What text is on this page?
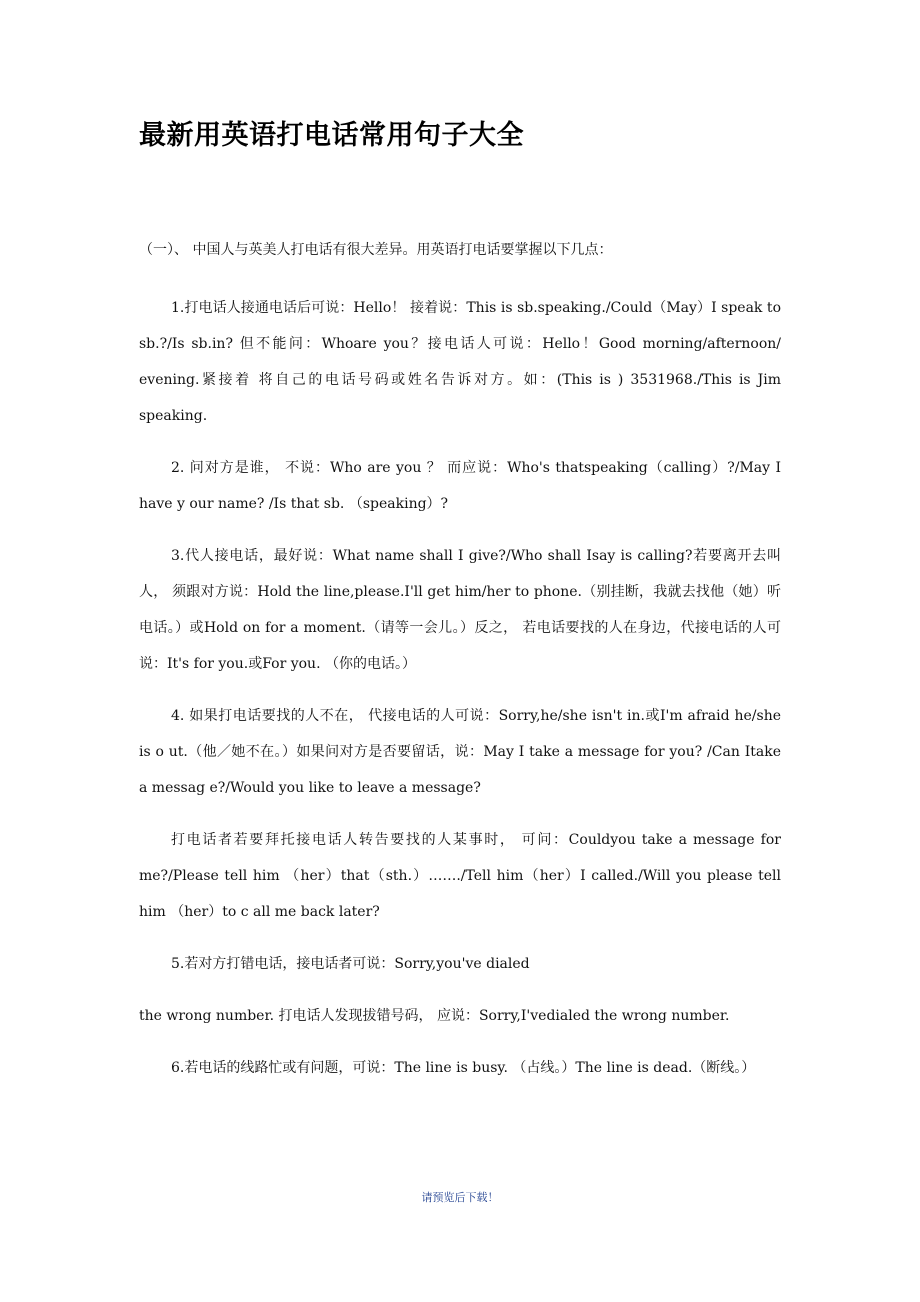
最新用英语打电话常用句子大全

（一）、 中国人与英美人打电话有很大差异。用英语打电话要掌握以下几点：

1.打电话人接通电话后可说：Hello！ 接着说：This is sb.speaking./Could（May）I speak to sb.?/Is sb.in? 但不能问：Whoare you？接电话人可说：Hello！Good morning/afternoon/ evening.紧接着 将自己的电话号码或姓名告诉对方。如：(This is ) 3531968./This is Jim speaking.

2. 问对方是谁， 不说：Who are you ？ 而应说：Who's thatspeaking（calling）?/May I have y our name? /Is that sb. （speaking）?

3.代人接电话，最好说：What name shall I give?/Who shall Isay is calling?若要离开去叫人， 须跟对方说：Hold the line,please.I'll get him/her to phone.（别挂断，我就去找他（她）听电话。）或Hold on for a moment.（请等一会儿。）反之， 若电话要找的人在身边，代接电话的人可说：It's for you.或For you. （你的电话。）

4. 如果打电话要找的人不在， 代接电话的人可说：Sorry,he/she isn't in.或I'm afraid he/she is o ut.（他／她不在。）如果问对方是否要留话，说：May I take a message for you? /Can Itake a messag e?/Would you like to leave a message?

打电话者若要拜托接电话人转告要找的人某事时， 可问：Couldyou take a message for me?/Please tell him （her）that（sth.）……./Tell him（her）I called./Will you please tell him （her）to c all me back later?

5.若对方打错电话，接电话者可说：Sorry,you've dialed

the wrong number. 打电话人发现拔错号码， 应说：Sorry,I'vedialed the wrong number.

6.若电话的线路忙或有问题，可说：The line is busy. （占线。）The line is dead.（断线。）

请预览后下载！
